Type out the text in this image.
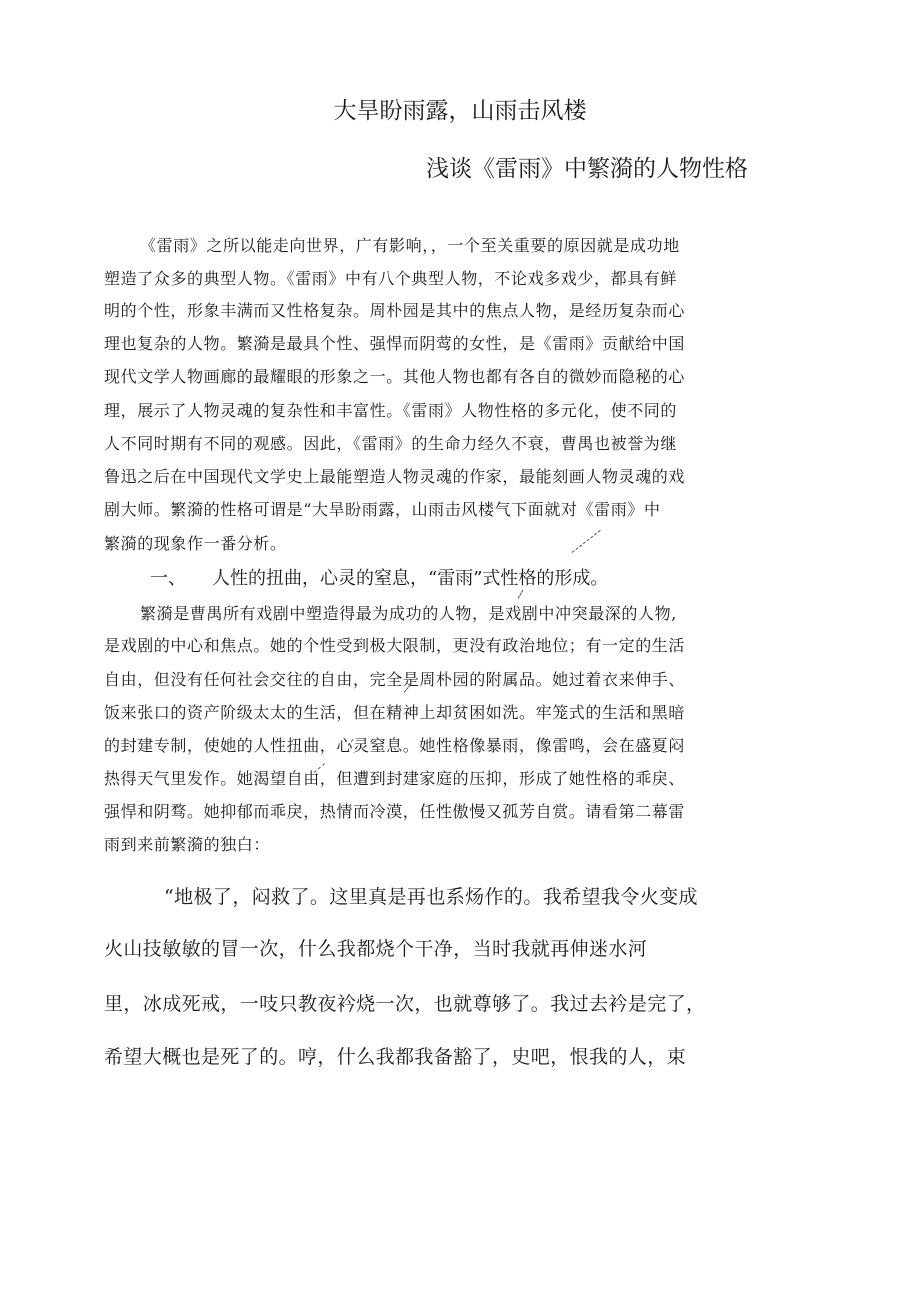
大旱盼雨露，山雨击风楼
浅谈《雷雨》中繁漪的人物性格
《雷雨》之所以能走向世界，广有影响，，一个至关重要的原因就是成功地
塑造了众多的典型人物。《雷雨》中有八个典型人物，不论戏多戏少，都具有鲜
明的个性，形象丰满而又性格复杂。周朴园是其中的焦点人物，是经历复杂而心
理也复杂的人物。繁漪是最具个性、强悍而阴莺的女性，是《雷雨》贡献给中国
现代文学人物画廊的最耀眼的形象之一。其他人物也都有各自的微妙而隐秘的心
理，展示了人物灵魂的复杂性和丰富性。《雷雨》人物性格的多元化，使不同的
人不同时期有不同的观感。因此，《雷雨》的生命力经久不衰，曹禺也被誉为继
鲁迅之后在中国现代文学史上最能塑造人物灵魂的作家，最能刻画人物灵魂的戏
剧大师。繁漪的性格可谓是“大旱盼雨露，山雨击风楼气下面就对《雷雨》中
繁漪的现象作一番分析。
一、 人性的扭曲，心灵的窒息，“雷雨”式性格的形成。
繁漪是曹禺所有戏剧中塑造得最为成功的人物，是戏剧中冲突最深的人物,
是戏剧的中心和焦点。她的个性受到极大限制，更没有政治地位；有一定的生活
自由，但没有任何社会交往的自由，完全是周朴园的附属品。她过着衣来伸手、
饭来张口的资产阶级太太的生活，但在精神上却贫困如洗。牢笼式的生活和黑暗
的封建专制，使她的人性扭曲，心灵窒息。她性格像暴雨，像雷鸣，会在盛夏闷
热得天气里发作。她渴望自由，但遭到封建家庭的压抑，形成了她性格的乖戾、
强悍和阴骛。她抑郁而乖戾，热情而冷漠，任性傲慢又孤芳自赏。请看第二幕雷
雨到来前繁漪的独白：
“地极了，闷救了。这里真是再也系炀作的。我希望我令火变成
火山技敏敏的冒一次，什么我都烧个干净，当时我就再伸迷水河
里，冰成死戒，一吱只教夜衿烧一次，也就尊够了。我过去衿是完了，
希望大概也是死了的。哼，什么我都我备豁了，史吧，恨我的人，束
